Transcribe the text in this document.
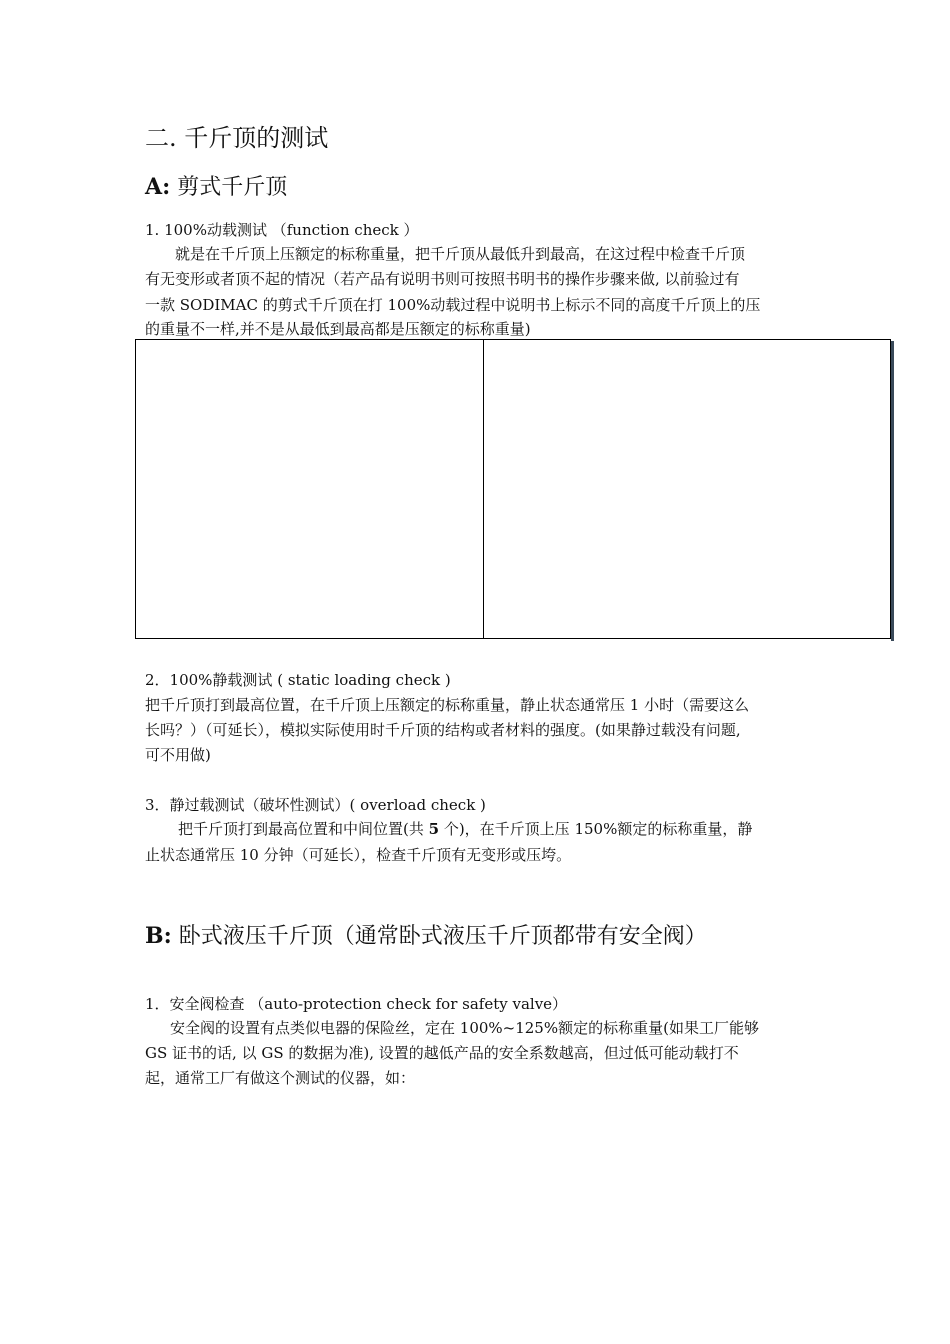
二. 千斤顶的测试
A: 剪式千斤顶
1. 100%动载测试 （function check ）
就是在千斤顶上压额定的标称重量，把千斤顶从最低升到最高，在这过程中检查千斤顶
有无变形或者顶不起的情况（若产品有说明书则可按照书明书的操作步骤来做, 以前验过有
一款 SODIMAC 的剪式千斤顶在打 100%动载过程中说明书上标示不同的高度千斤顶上的压
的重量不一样,并不是从最低到最高都是压额定的标称重量)
2．100%静载测试 ( static loading check )
把千斤顶打到最高位置，在千斤顶上压额定的标称重量，静止状态通常压 1 小时（需要这么
长吗？）（可延长），模拟实际使用时千斤顶的结构或者材料的强度。(如果静过载没有问题,
可不用做)
3．静过载测试（破坏性测试）( overload check )
把千斤顶打到最高位置和中间位置(共 5 个)，在千斤顶上压 150%额定的标称重量，静
止状态通常压 10 分钟（可延长），检查千斤顶有无变形或压垮。
B: 卧式液压千斤顶（通常卧式液压千斤顶都带有安全阀）
1．安全阀检查 （auto-protection check for safety valve）
安全阀的设置有点类似电器的保险丝，定在 100%~125%额定的标称重量(如果工厂能够
GS 证书的话, 以 GS 的数据为准), 设置的越低产品的安全系数越高，但过低可能动载打不
起，通常工厂有做这个测试的仪器，如：
